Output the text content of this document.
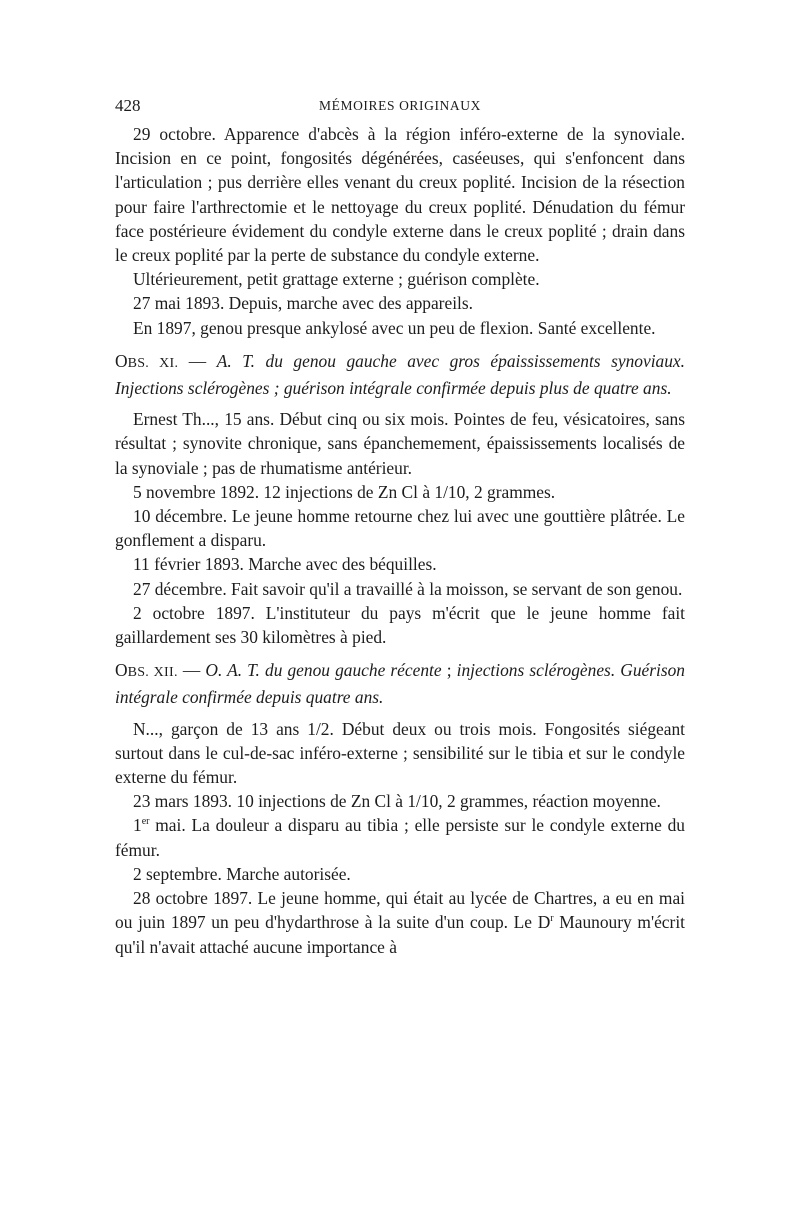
428	MÉMOIRES ORIGINAUX

29 octobre. Apparence d'abcès à la région inféro-externe de la synoviale. Incision en ce point, fongosités dégénérées, caséeuses, qui s'enfoncent dans l'articulation ; pus derrière elles venant du creux poplité. Incision de la résection pour faire l'arthrectomie et le nettoyage du creux poplité. Dénudation du fémur face postérieure évidement du condyle externe dans le creux poplité ; drain dans le creux poplité par la perte de substance du condyle externe.

Ultérieurement, petit grattage externe ; guérison complète.

27 mai 1893. Depuis, marche avec des appareils.

En 1897, genou presque ankylosé avec un peu de flexion. Santé excellente.

OBS. XI. — A. T. du genou gauche avec gros épaississements synoviaux. Injections sclérogènes ; guérison intégrale confirmée depuis plus de quatre ans.

Ernest Th..., 15 ans. Début cinq ou six mois. Pointes de feu, vésicatoires, sans résultat ; synovite chronique, sans épanchemement, épaississements localisés de la synoviale ; pas de rhumatisme antérieur.

5 novembre 1892. 12 injections de Zn Cl à 1/10, 2 grammes.

10 décembre. Le jeune homme retourne chez lui avec une gouttière plâtrée. Le gonflement a disparu.

11 février 1893. Marche avec des béquilles.

27 décembre. Fait savoir qu'il a travaillé à la moisson, se servant de son genou.

2 octobre 1897. L'instituteur du pays m'écrit que le jeune homme fait gaillardement ses 30 kilomètres à pied.

OBS. XII. — O. A. T. du genou gauche récente ; injections sclérogènes. Guérison intégrale confirmée depuis quatre ans.

N..., garçon de 13 ans 1/2. Début deux ou trois mois. Fongosités siégeant surtout dans le cul-de-sac inféro-externe ; sensibilité sur le tibia et sur le condyle externe du fémur.

23 mars 1893. 10 injections de Zn Cl à 1/10, 2 grammes, réaction moyenne.

1er mai. La douleur a disparu au tibia ; elle persiste sur le condyle externe du fémur.

2 septembre. Marche autorisée.

28 octobre 1897. Le jeune homme, qui était au lycée de Chartres, a eu en mai ou juin 1897 un peu d'hydarthrose à la suite d'un coup. Le $D^r$ Maunoury m'écrit qu'il n'avait attaché aucune importance à
